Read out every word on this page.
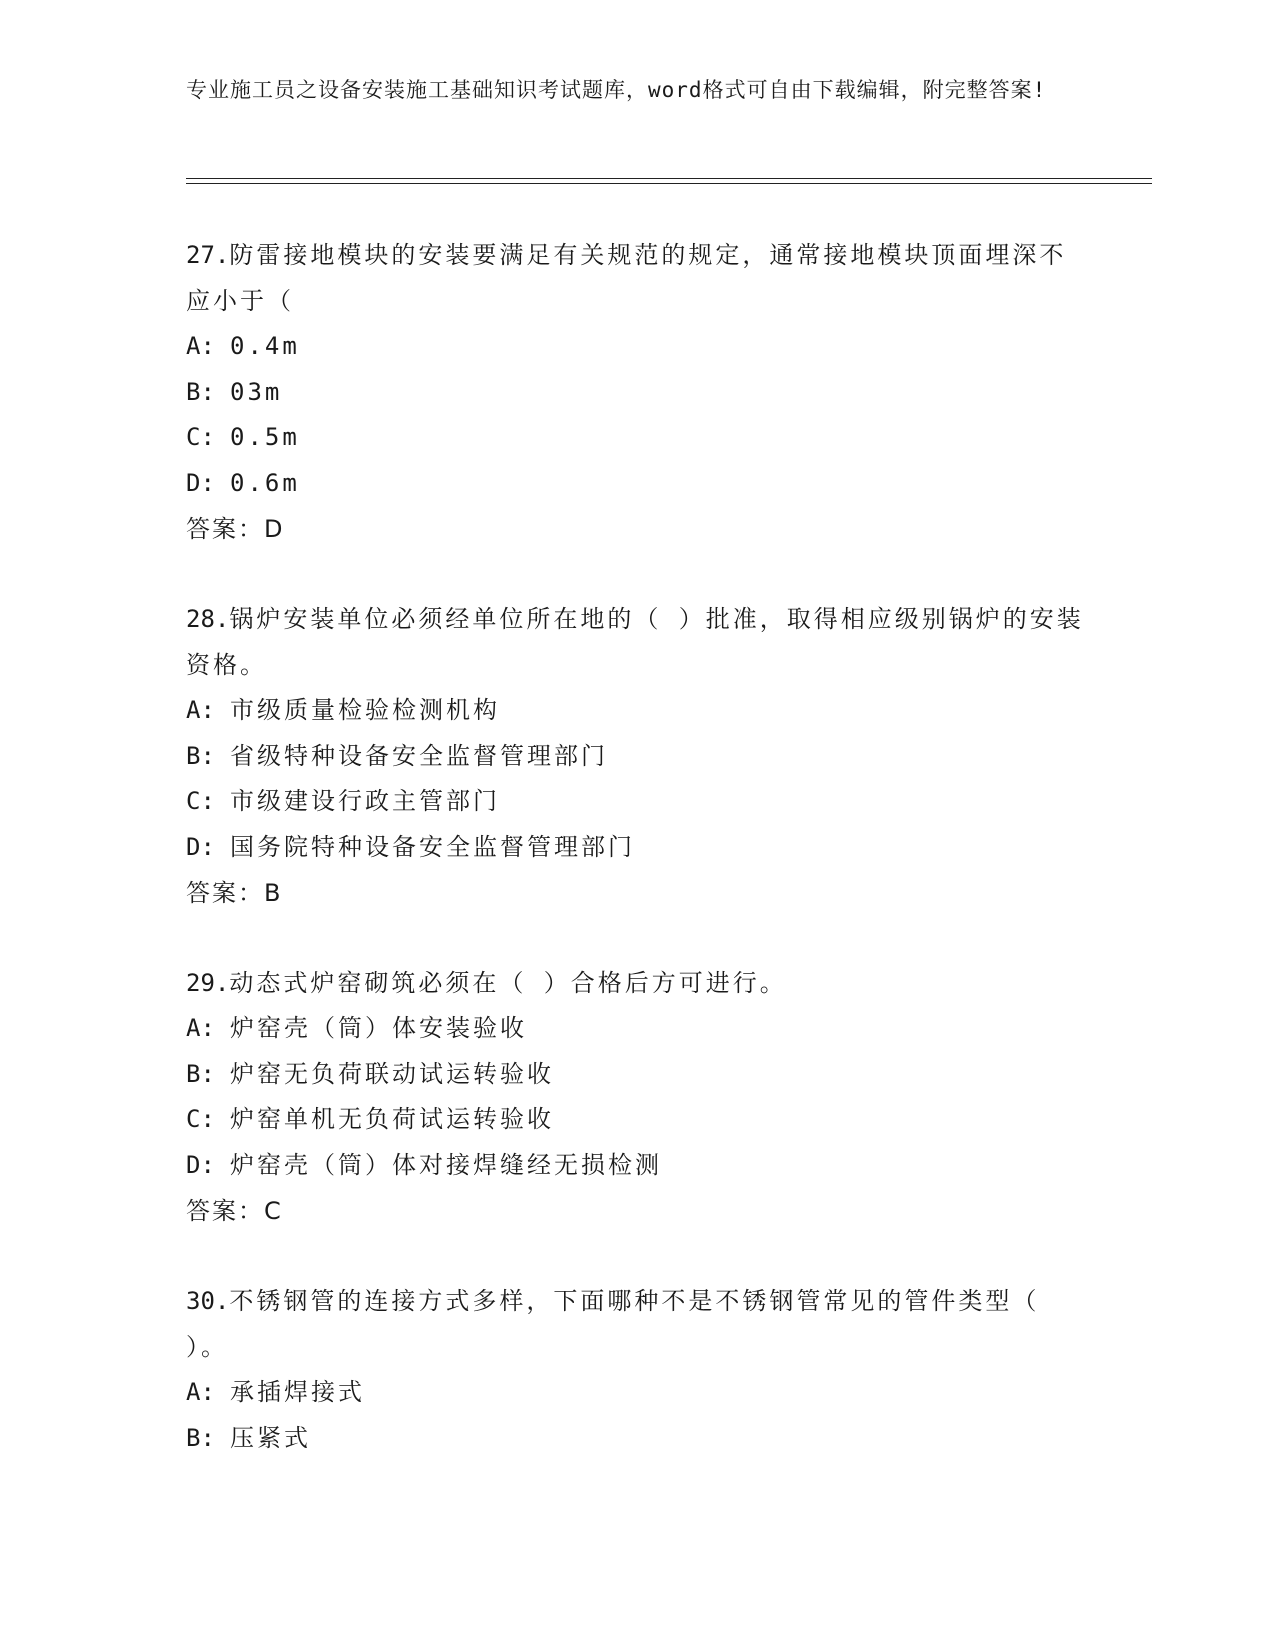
专业施工员之设备安装施工基础知识考试题库，word格式可自由下载编辑，附完整答案!

27.防雷接地模块的安装要满足有关规范的规定，通常接地模块顶面埋深不应小于（

A: 0.4m
B: 03m
C: 0.5m
D: 0.6m
答案：D

28.锅炉安装单位必须经单位所在地的（ ）批准，取得相应级别锅炉的安装资格。

A: 市级质量检验检测机构
B: 省级特种设备安全监督管理部门
C: 市级建设行政主管部门
D: 国务院特种设备安全监督管理部门
答案：B

29.动态式炉窑砌筑必须在（ ）合格后方可进行。

A: 炉窑壳（筒）体安装验收
B: 炉窑无负荷联动试运转验收
C: 炉窑单机无负荷试运转验收
D: 炉窑壳（筒）体对接焊缝经无损检测
答案：C

30.不锈钢管的连接方式多样，下面哪种不是不锈钢管常见的管件类型（ ）。

A: 承插焊接式
B: 压紧式
